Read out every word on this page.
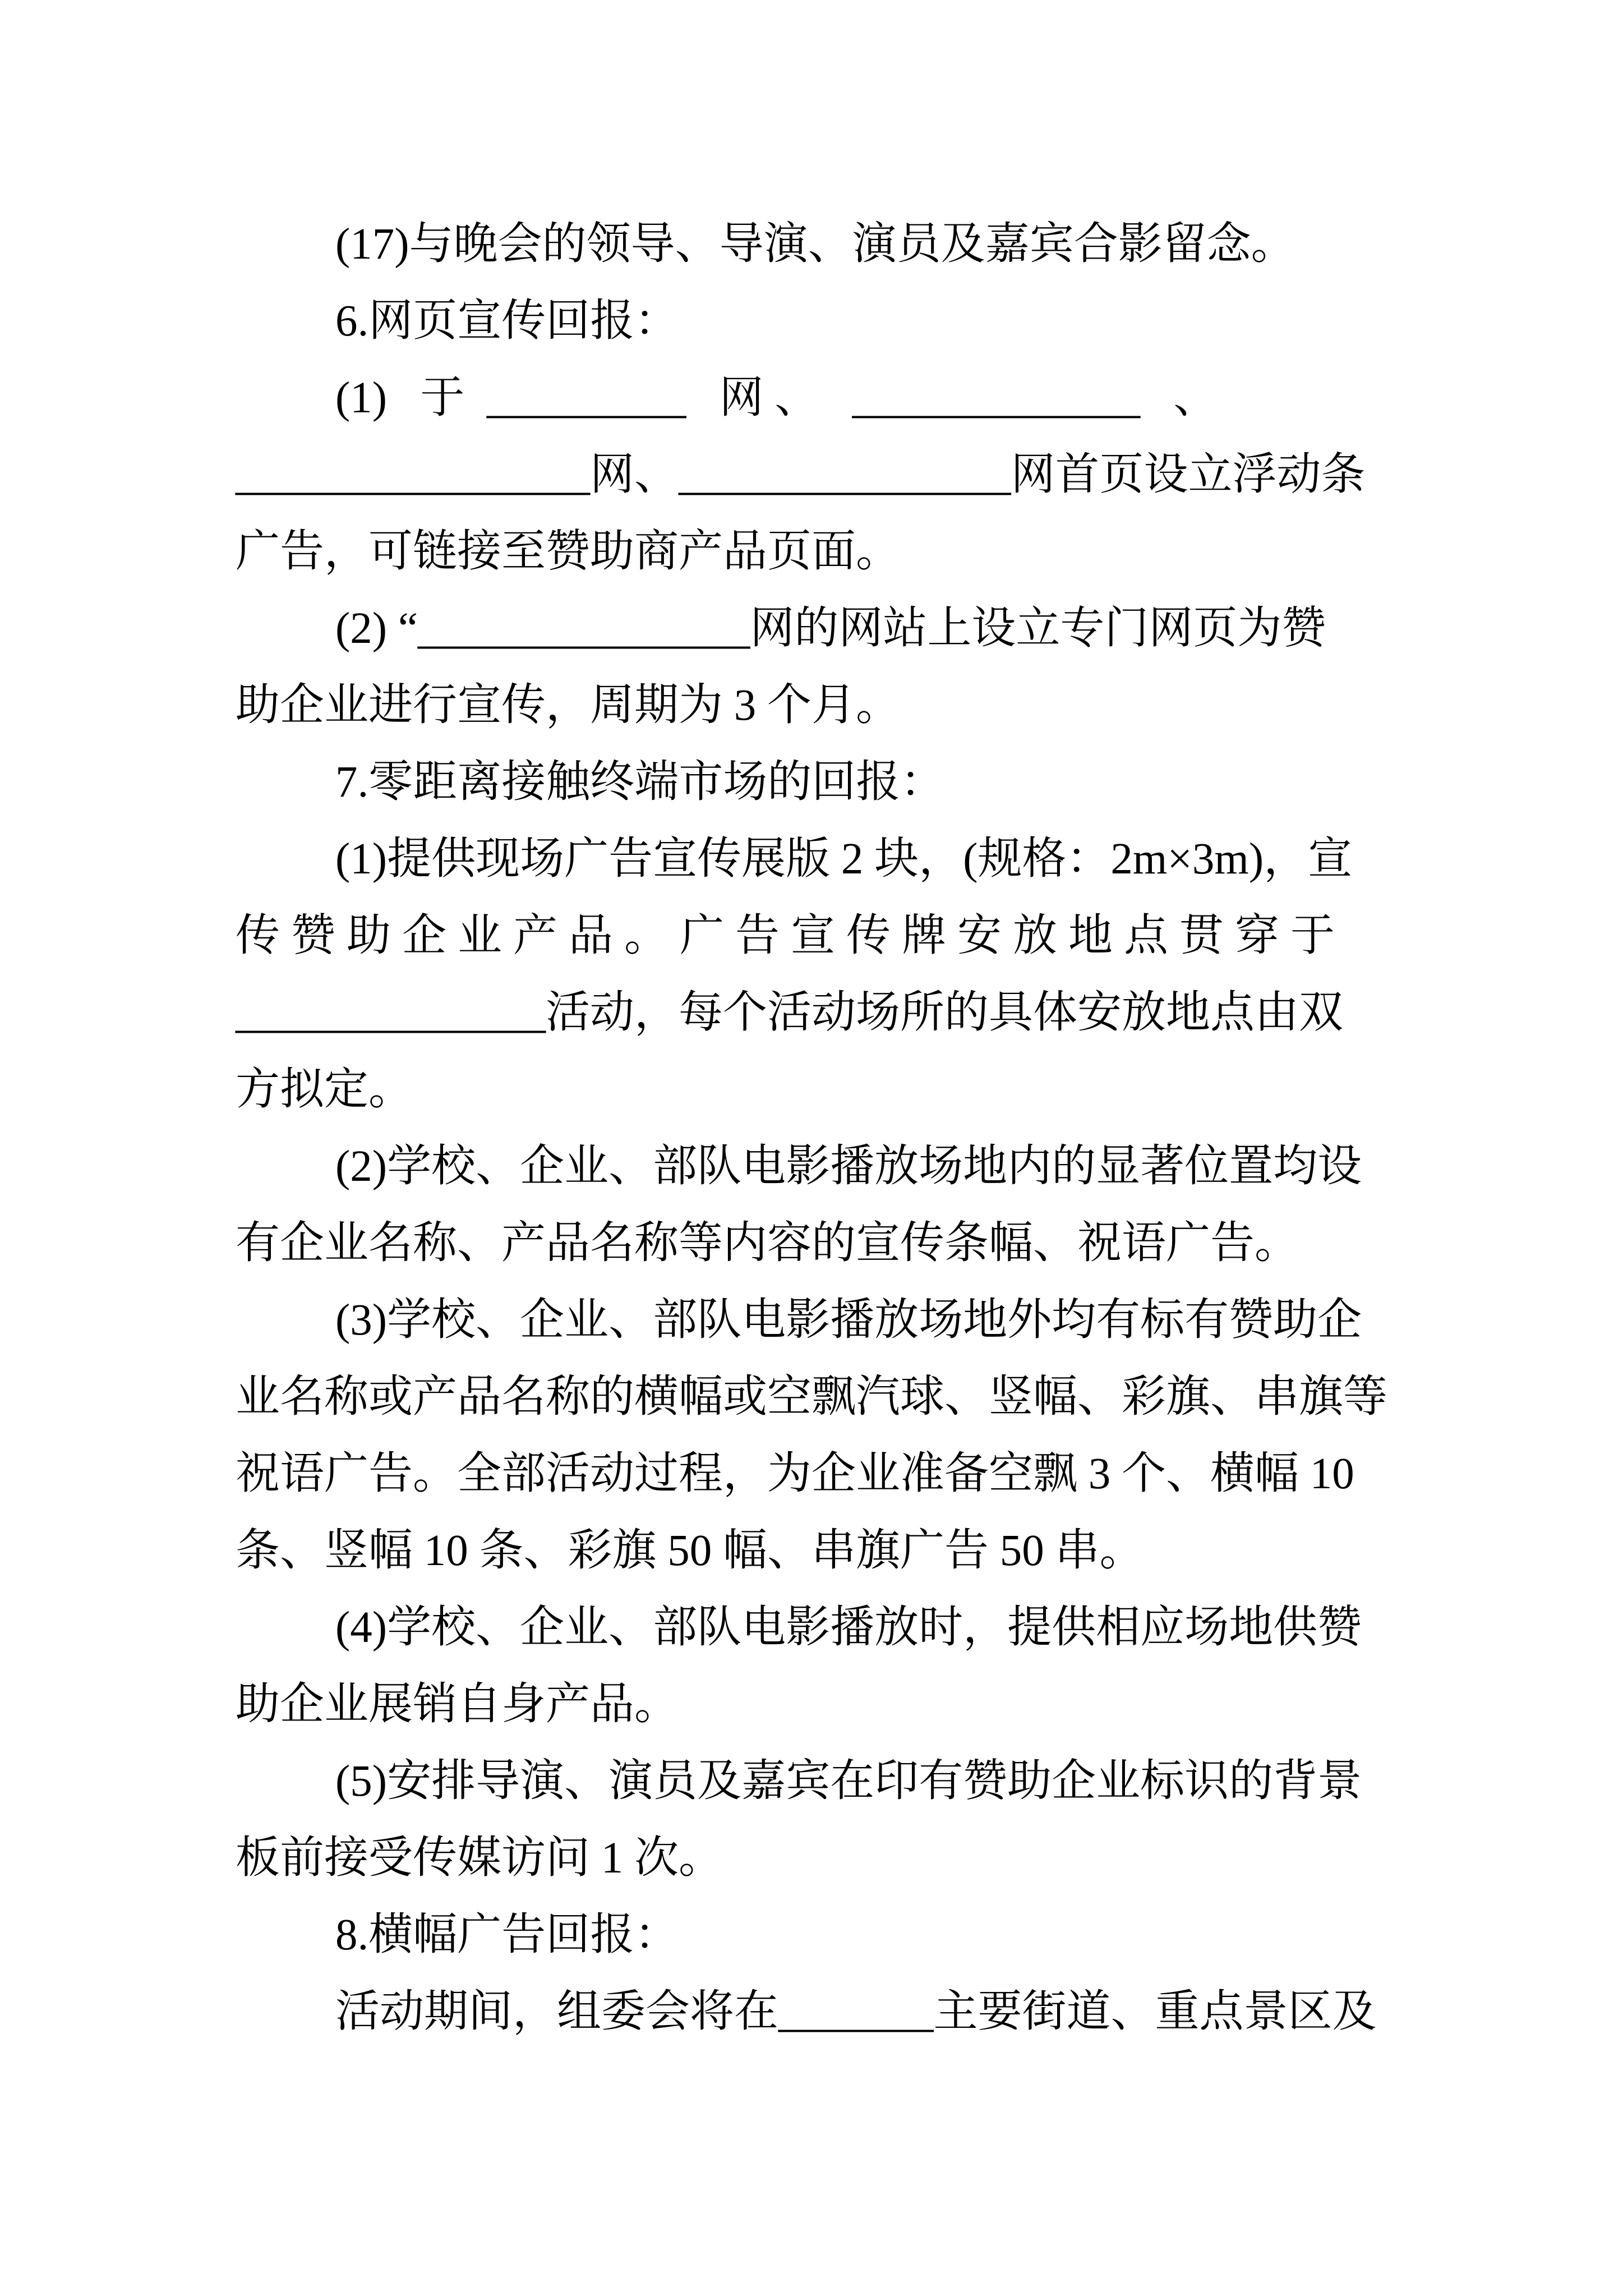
(17)与晚会的领导、导演、演员及嘉宾合影留念。
6.网页宣传回报：
(1)   于  _________   网 、   _____________   、
________________网、_______________网首页设立浮动条
广告，可链接至赞助商产品页面。
(2) “_______________网的网站上设立专门网页为赞
助企业进行宣传，周期为 3 个月。
7.零距离接触终端市场的回报：
(1)提供现场广告宣传展版 2 块，(规格：2m×3m)，宣
传赞助企业产品。广告宣传牌安放地点贯穿于
______________活动，每个活动场所的具体安放地点由双
方拟定。
(2)学校、企业、部队电影播放场地内的显著位置均设
有企业名称、产品名称等内容的宣传条幅、祝语广告。
(3)学校、企业、部队电影播放场地外均有标有赞助企
业名称或产品名称的横幅或空飘汽球、竖幅、彩旗、串旗等
祝语广告。全部活动过程，为企业准备空飘 3 个、横幅 10
条、竖幅 10 条、彩旗 50 幅、串旗广告 50 串。
(4)学校、企业、部队电影播放时，提供相应场地供赞
助企业展销自身产品。
(5)安排导演、演员及嘉宾在印有赞助企业标识的背景
板前接受传媒访问 1 次。
8.横幅广告回报：
活动期间，组委会将在_______主要街道、重点景区及
